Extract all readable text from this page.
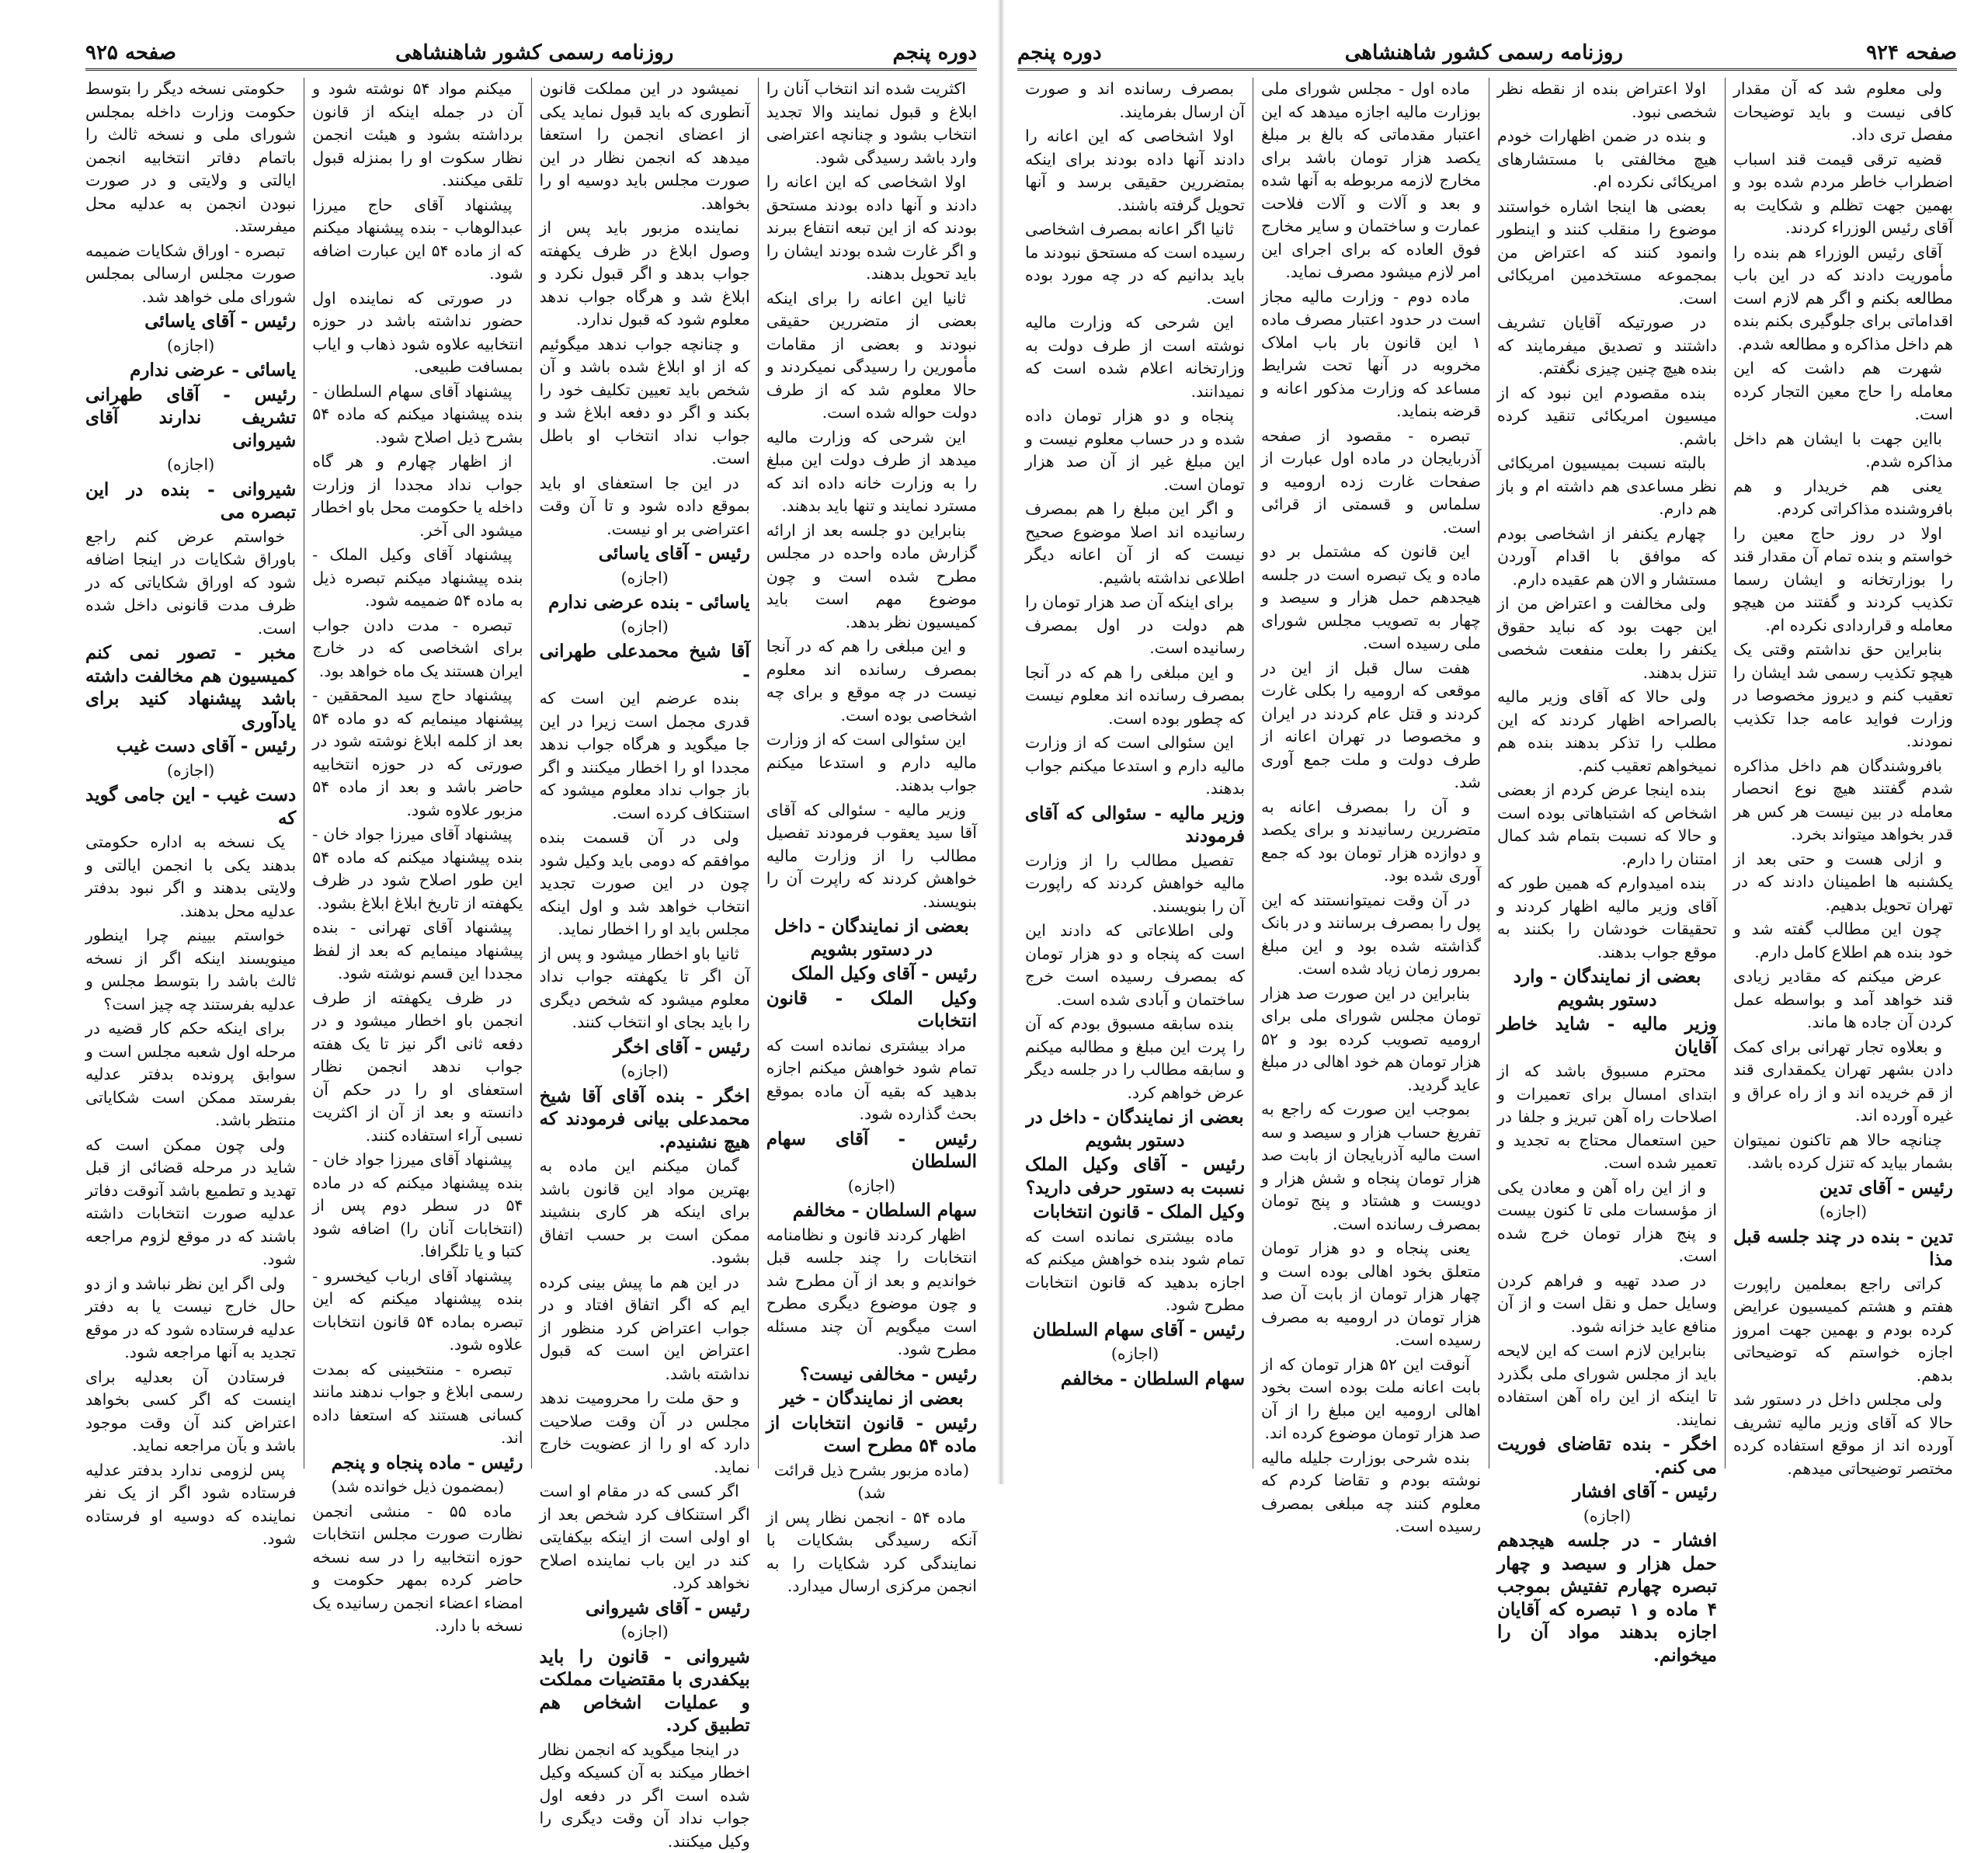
دوره پنجم
روزنامه رسمی کشور شاهنشاهی
صفحه ۹۲۵

اکثریت شده اند انتخاب آنان را ابلاغ و قبول نمایند والا تجدید انتخاب بشود و چنانچه اعتراضی وارد باشد رسیدگی شود.

اولا اشخاصی که این اعانه را دادند و آنها داده بودند مستحق بودند که از این تبعه انتفاع ببرند و اگر غارت شده بودند ایشان را باید تحویل بدهند.

ثانیا این اعانه را برای اینکه بعضی از متضررین حقیقی نبودند و بعضی از مقامات مأمورین را رسیدگی نمیکردند و حالا معلوم شد که از طرف دولت حواله شده است.

این شرحی که وزارت مالیه میدهد از طرف دولت این مبلغ را به وزارت خانه داده اند که مسترد نمایند و تنها باید بدهند.

بنابراین دو جلسه بعد از ارائه گزارش ماده واحده در مجلس مطرح شده است و چون موضوع مهم است باید کمیسیون نظر بدهد.

و این مبلغی را هم که در آنجا بمصرف رسانده اند معلوم نیست در چه موقع و برای چه اشخاصی بوده است.

این سئوالی است که از وزارت مالیه دارم و استدعا میکنم جواب بدهند.

وزیر مالیه - سئوالی که آقای آقا سید یعقوب فرمودند تفصیل مطالب را از وزارت مالیه خواهش کردند که راپرت آن را بنویسند.

بعضی از نمایندگان - داخل در دستور بشویم

رئیس - آقای وکیل الملک

وکیل الملک - قانون انتخابات

مراد بیشتری نمانده است که تمام شود خواهش میکنم اجازه بدهید که بقیه آن ماده بموقع بحث گذارده شود.

رئیس - آقای سهام السلطان

(اجازه)

سهام السلطان - مخالفم

اظهار کردند قانون و نظامنامه انتخابات را چند جلسه قبل خواندیم و بعد از آن مطرح شد و چون موضوع دیگری مطرح است میگویم آن چند مسئله مطرح شود.

رئیس - مخالفی نیست؟

بعضی از نمایندگان - خیر

رئیس - قانون انتخابات از ماده ۵۴ مطرح است

(ماده مزبور بشرح ذیل قرائت شد)

ماده ۵۴ - انجمن نظار پس از آنکه رسیدگی بشکایات با نمایندگی کرد شکایات را به انجمن مرکزی ارسال میدارد.

نمیشود در این مملکت قانون آنطوری که باید قبول نماید یکی از اعضای انجمن را استعفا میدهد که انجمن نظار در این صورت مجلس باید دوسیه او را بخواهد.

نماینده مزبور باید پس از وصول ابلاغ در ظرف یکهفته جواب بدهد و اگر قبول نکرد و ابلاغ شد و هرگاه جواب ندهد معلوم شود که قبول ندارد.

و چنانچه جواب ندهد میگوئیم که از او ابلاغ شده باشد و آن شخص باید تعیین تکلیف خود را بکند و اگر دو دفعه ابلاغ شد و جواب نداد انتخاب او باطل است.

در این جا استعفای او باید بموقع داده شود و تا آن وقت اعتراضی بر او نیست.

رئیس - آقای یاسائی

(اجازه)

یاسائی - بنده عرضی ندارم

(اجازه)

آقا شیخ محمدعلی طهرانی -

بنده عرضم این است که قدری مجمل است زیرا در این جا میگوید و هرگاه جواب ندهد مجددا او را اخطار میکنند و اگر باز جواب نداد معلوم میشود که استنکاف کرده است.

ولی در آن قسمت بنده موافقم که دومی باید وکیل شود چون در این صورت تجدید انتخاب خواهد شد و اول اینکه مجلس باید او را اخطار نماید.

ثانیا باو اخطار میشود و پس از آن اگر تا یکهفته جواب نداد معلوم میشود که شخص دیگری را باید بجای او انتخاب کنند.

رئیس - آقای اخگر

(اجازه)

اخگر - بنده آقای آقا شیخ محمدعلی بیانی فرمودند که هیچ نشنیدم.

گمان میکنم این ماده به بهترین مواد این قانون باشد برای اینکه هر کاری بنشیند ممکن است بر حسب اتفاق بشود.

در این هم ما پیش بینی کرده ایم که اگر اتفاق افتاد و در جواب اعتراض کرد منظور از اعتراض این است که قبول نداشته باشد.

و حق ملت را محرومیت ندهد مجلس در آن وقت صلاحیت دارد که او را از عضویت خارج نماید.

اگر کسی که در مقام او است اگر استنکاف کرد شخص بعد از او اولی است از اینکه بیکفایتی کند در این باب نماینده اصلاح نخواهد کرد.

رئیس - آقای شیروانی

(اجازه)

شیروانی - قانون را باید بیکفدری با مقتضیات مملکت و عملیات اشخاص هم تطبیق کرد.

در اینجا میگوید که انجمن نظار اخطار میکند به آن کسیکه وکیل شده است اگر در دفعه اول جواب نداد آن وقت دیگری را وکیل میکنند.

میکنم مواد ۵۴ نوشته شود و آن در جمله اینکه از قانون برداشته بشود و هیئت انجمن نظار سکوت او را بمنزله قبول تلقی میکنند.

پیشنهاد آقای حاج میرزا عبدالوهاب - بنده پیشنهاد میکنم که از ماده ۵۴ این عبارت اضافه شود.

در صورتی که نماینده اول حضور نداشته باشد در حوزه انتخابیه علاوه شود ذهاب و ایاب بمسافت طبیعی.

پیشنهاد آقای سهام السلطان - بنده پیشنهاد میکنم که ماده ۵۴ بشرح ذیل اصلاح شود.

از اظهار چهارم و هر گاه جواب نداد مجددا از وزارت داخله یا حکومت محل باو اخطار میشود الی آخر.

پیشنهاد آقای وکیل الملک - بنده پیشنهاد میکنم تبصره ذیل به ماده ۵۴ ضمیمه شود.

تبصره - مدت دادن جواب برای اشخاصی که در خارج ایران هستند یک ماه خواهد بود.

پیشنهاد حاج سید المحققین - پیشنهاد مینمایم که دو ماده ۵۴ بعد از کلمه ابلاغ نوشته شود در صورتی که در حوزه انتخابیه حاضر باشد و بعد از ماده ۵۴ مزبور علاوه شود.

پیشنهاد آقای میرزا جواد خان - بنده پیشنهاد میکنم که ماده ۵۴ این طور اصلاح شود در ظرف یکهفته از تاریخ ابلاغ ابلاغ بشود.

پیشنهاد آقای تهرانی - بنده پیشنهاد مینمایم که بعد از لفظ مجددا این قسم نوشته شود.

در ظرف یکهفته از طرف انجمن باو اخطار میشود و در دفعه ثانی اگر نیز تا یک هفته جواب ندهد انجمن نظار استعفای او را در حکم آن دانسته و بعد از آن از اکثریت نسبی آراء استفاده کنند.

پیشنهاد آقای میرزا جواد خان - بنده پیشنهاد میکنم که در ماده ۵۴ در سطر دوم پس از (انتخابات آنان را) اضافه شود کتبا و یا تلگرافا.

پیشنهاد آقای ارباب کیخسرو - بنده پیشنهاد میکنم که این تبصره بماده ۵۴ قانون انتخابات علاوه شود.

تبصره - منتخبینی که بمدت رسمی ابلاغ و جواب ندهند مانند کسانی هستند که استعفا داده اند.

رئیس - ماده پنجاه و پنجم

(بمضمون ذیل خوانده شد)

ماده ۵۵ - منشی انجمن نظارت صورت مجلس انتخابات حوزه انتخابیه را در سه نسخه حاضر کرده بمهر حکومت و امضاء اعضاء انجمن رسانیده یک نسخه با دارد.

حکومتی نسخه دیگر را بتوسط حکومت وزارت داخله بمجلس شورای ملی و نسخه ثالث را باتمام دفاتر انتخابیه انجمن ایالتی و ولایتی و در صورت نبودن انجمن به عدلیه محل میفرستد.

تبصره - اوراق شکایات ضمیمه صورت مجلس ارسالی بمجلس شورای ملی خواهد شد.

رئیس - آقای یاسائی

(اجازه)

یاسائی - عرضی ندارم

رئیس - آقای طهرانی تشریف ندارند آقای شیروانی

(اجازه)

شیروانی - بنده در این تبصره می

خواستم عرض کنم راجع باوراق شکایات در اینجا اضافه شود که اوراق شکایاتی که در ظرف مدت قانونی داخل شده است.

مخبر - تصور نمی کنم کمیسیون هم مخالفت داشته باشد پیشنهاد کنید برای یادآوری

رئیس - آقای دست غیب

(اجازه)

دست غیب - این جامی گوید که

یک نسخه به اداره حکومتی بدهند یکی با انجمن ایالتی و ولایتی بدهند و اگر نبود بدفتر عدلیه محل بدهند.

خواستم بیینم چرا اینطور مینویسند اینکه اگر از نسخه ثالث باشد را بتوسط مجلس و عدلیه بفرستند چه چیز است؟

برای اینکه حکم کار قضیه در مرحله اول شعبه مجلس است و سوابق پرونده بدفتر عدلیه بفرستد ممکن است شکایاتی منتظر باشد.

ولی چون ممکن است که شاید در مرحله قضائی از قبل تهدید و تطمیع باشد آنوقت دفاتر عدلیه صورت انتخابات داشته باشند که در موقع لزوم مراجعه شود.

ولی اگر این نظر نباشد و از دو حال خارج نیست یا به دفتر عدلیه فرستاده شود که در موقع تجدید به آنها مراجعه شود.

فرستادن آن بعدلیه برای اینست که اگر کسی بخواهد اعتراض کند آن وقت موجود باشد و بآن مراجعه نماید.

پس لزومی ندارد بدفتر عدلیه فرستاده شود اگر از یک نفر نماینده که دوسیه او فرستاده شود.

صفحه ۹۲۴
روزنامه رسمی کشور شاهنشاهی
دوره پنجم

ولی معلوم شد که آن مقدار کافی نیست و باید توضیحات مفصل تری داد.

قضیه ترقی قیمت قند اسباب اضطراب خاطر مردم شده بود و بهمین جهت تظلم و شکایت به آقای رئیس الوزراء کردند.

آقای رئیس الوزراء هم بنده را مأموریت دادند که در این باب مطالعه بکنم و اگر هم لازم است اقداماتی برای جلوگیری بکنم بنده هم داخل مذاکره و مطالعه شدم.

شهرت هم داشت که این معامله را حاج معین التجار کرده است.

بااین جهت با ایشان هم داخل مذاکره شدم.

یعنی هم خریدار و هم بافروشنده مذاکراتی کردم.

اولا در روز حاج معین را خواستم و بنده تمام آن مقدار قند را بوزارتخانه و ایشان رسما تکذیب کردند و گفتند من هیچو معامله و قراردادی نکرده ام.

بنابراین حق نداشتم وقتی یک هیچو تکذیب رسمی شد ایشان را تعقیب کنم و دیروز مخصوصا در وزارت فواید عامه جدا تکذیب نمودند.

بافروشندگان هم داخل مذاکره شدم گفتند هیچ نوع انحصار معامله در بین نیست هر کس هر قدر بخواهد میتواند بخرد.

و ازلی هست و حتی بعد از یکشنبه ها اطمینان دادند که در تهران تحویل بدهیم.

چون این مطالب گفته شد و خود بنده هم اطلاع کامل دارم.

عرض میکنم که مقادیر زیادی قند خواهد آمد و بواسطه عمل کردن آن جاده ها ماند.

و بعلاوه تجار تهرانی برای کمک دادن بشهر تهران یکمقداری قند از قم خریده اند و از راه عراق و غیره آورده اند.

چنانچه حالا هم تاکنون نمیتوان بشمار بیاید که تنزل کرده باشد.

رئیس - آقای تدین

(اجازه)

تدین - بنده در چند جلسه قبل مذا

کراتی راجع بمعلمین راپورت هفتم و هشتم کمیسیون عرایض کرده بودم و بهمین جهت امروز اجازه خواستم که توضیحاتی بدهم.

ولی مجلس داخل در دستور شد حالا که آقای وزیر مالیه تشریف آورده اند از موقع استفاده کرده مختصر توضیحاتی میدهم.

اولا اعتراض بنده از نقطه نظر شخصی نبود.

و بنده در ضمن اظهارات خودم هیچ مخالفتی با مستشارهای امریکائی نکرده ام.

بعضی ها اینجا اشاره خواستند موضوع را منقلب کنند و اینطور وانمود کنند که اعتراض من بمجموعه مستخدمین امریکائی است.

در صورتیکه آقایان تشریف داشتند و تصدیق میفرمایند که بنده هیچ چنین چیزی نگفتم.

بنده مقصودم این نبود که از میسیون امریکائی تنقید کرده باشم.

بالبته نسبت بمیسیون امریکائی نظر مساعدی هم داشته ام و باز هم دارم.

چهارم یکنفر از اشخاصی بودم که موافق با اقدام آوردن مستشار و الان هم عقیده دارم.

ولی مخالفت و اعتراض من از این جهت بود که نباید حقوق یکنفر را بعلت منفعت شخصی تنزل بدهند.

ولی حالا که آقای وزیر مالیه بالصراحه اظهار کردند که این مطلب را تذکر بدهند بنده هم نمیخواهم تعقیب کنم.

بنده اینجا عرض کردم از بعضی اشخاص که اشتباهاتی بوده است و حالا که نسبت بتمام شد کمال امتنان را دارم.

بنده امیدوارم که همین طور که آقای وزیر مالیه اظهار کردند و تحقیقات خودشان را بکنند به موقع جواب بدهند.

بعضی از نمایندگان - وارد دستور بشویم

وزیر مالیه - شاید خاطر آقایان

محترم مسبوق باشد که از ابتدای امسال برای تعمیرات و اصلاحات راه آهن تبریز و جلفا در حین استعمال محتاج به تجدید و تعمیر شده است.

و از این راه آهن و معادن یکی از مؤسسات ملی تا کنون بیست و پنج هزار تومان خرج شده است.

در صدد تهیه و فراهم کردن وسایل حمل و نقل است و از آن منافع عاید خزانه شود.

بنابراین لازم است که این لایحه باید از مجلس شورای ملی بگذرد تا اینکه از این راه آهن استفاده نمایند.

اخگر - بنده تقاضای فوریت می کنم.

رئیس - آقای افشار

(اجازه)

افشار - در جلسه هیجدهم حمل هزار و سیصد و چهار تبصره چهارم تفتیش بموجب ۴ ماده و ۱ تبصره که آقایان اجازه بدهند مواد آن را میخوانم.

ماده اول - مجلس شورای ملی بوزارت مالیه اجازه میدهد که این اعتبار مقدماتی که بالغ بر مبلغ یکصد هزار تومان باشد برای مخارج لازمه مربوطه به آنها شده و بعد و آلات و آلات فلاحت عمارت و ساختمان و سایر مخارج فوق العاده که برای اجرای این امر لازم میشود مصرف نماید.

ماده دوم - وزارت مالیه مجاز است در حدود اعتبار مصرف ماده ۱ این قانون بار باب املاک مخروبه در آنها تحت شرایط مساعد که وزارت مذکور اعانه و قرضه بنماید.

تبصره - مقصود از صفحه آذربایجان در ماده اول عبارت از صفحات غارت زده ارومیه و سلماس و قسمتی از قرائی است.

این قانون که مشتمل بر دو ماده و یک تبصره است در جلسه هیجدهم حمل هزار و سیصد و چهار به تصویب مجلس شورای ملی رسیده است.

هفت سال قبل از این در موقعی که ارومیه را بکلی غارت کردند و قتل عام کردند در ایران و مخصوصا در تهران اعانه از طرف دولت و ملت جمع آوری شد.

و آن را بمصرف اعانه به متضررین رسانیدند و برای یکصد و دوازده هزار تومان بود که جمع آوری شده بود.

در آن وقت نمیتوانستند که این پول را بمصرف برسانند و در بانک گذاشته شده بود و این مبلغ بمرور زمان زیاد شده است.

بنابراین در این صورت صد هزار تومان مجلس شورای ملی برای ارومیه تصویب کرده بود و ۵۲ هزار تومان هم خود اهالی در مبلغ عاید گردید.

بموجب این صورت که راجع به تفریغ حساب هزار و سیصد و سه است مالیه آذربایجان از بابت صد هزار تومان پنجاه و شش هزار و دویست و هشتاد و پنج تومان بمصرف رسانده است.

یعنی پنجاه و دو هزار تومان متعلق بخود اهالی بوده است و چهار هزار تومان از بابت آن صد هزار تومان در ارومیه به مصرف رسیده است.

آنوقت این ۵۲ هزار تومان که از بابت اعانه ملت بوده است بخود اهالی ارومیه این مبلغ را از آن صد هزار تومان موضوع کرده اند.

بنده شرحی بوزارت جلیله مالیه نوشته بودم و تقاضا کردم که معلوم کنند چه مبلغی بمصرف رسیده است.

بمصرف رسانده اند و صورت آن ارسال بفرمایند.

اولا اشخاصی که این اعانه را دادند آنها داده بودند برای اینکه بمتضررین حقیقی برسد و آنها تحویل گرفته باشند.

ثانیا اگر اعانه بمصرف اشخاصی رسیده است که مستحق نبودند ما باید بدانیم که در چه مورد بوده است.

این شرحی که وزارت مالیه نوشته است از طرف دولت به وزارتخانه اعلام شده است که نمیدانند.

پنجاه و دو هزار تومان داده شده و در حساب معلوم نیست و این مبلغ غیر از آن صد هزار تومان است.

و اگر این مبلغ را هم بمصرف رسانیده اند اصلا موضوع صحیح نیست که از آن اعانه دیگر اطلاعی نداشته باشیم.

برای اینکه آن صد هزار تومان را هم دولت در اول بمصرف رسانیده است.

و این مبلغی را هم که در آنجا بمصرف رسانده اند معلوم نیست که چطور بوده است.

این سئوالی است که از وزارت مالیه دارم و استدعا میکنم جواب بدهند.

وزیر مالیه - سئوالی که آقای فرمودند

تفصیل مطالب را از وزارت مالیه خواهش کردند که راپورت آن را بنویسند.

ولی اطلاعاتی که دادند این است که پنجاه و دو هزار تومان که بمصرف رسیده است خرج ساختمان و آبادی شده است.

بنده سابقه مسبوق بودم که آن را پرت این مبلغ و مطالبه میکنم و سابقه مطالب را در جلسه دیگر عرض خواهم کرد.

بعضی از نمایندگان - داخل در دستور بشویم

رئیس - آقای وکیل الملک نسبت به دستور حرفی دارید؟

وکیل الملک - قانون انتخابات

ماده بیشتری نمانده است که تمام شود بنده خواهش میکنم که اجازه بدهید که قانون انتخابات مطرح شود.

رئیس - آقای سهام السلطان

(اجازه)

سهام السلطان - مخالفم
